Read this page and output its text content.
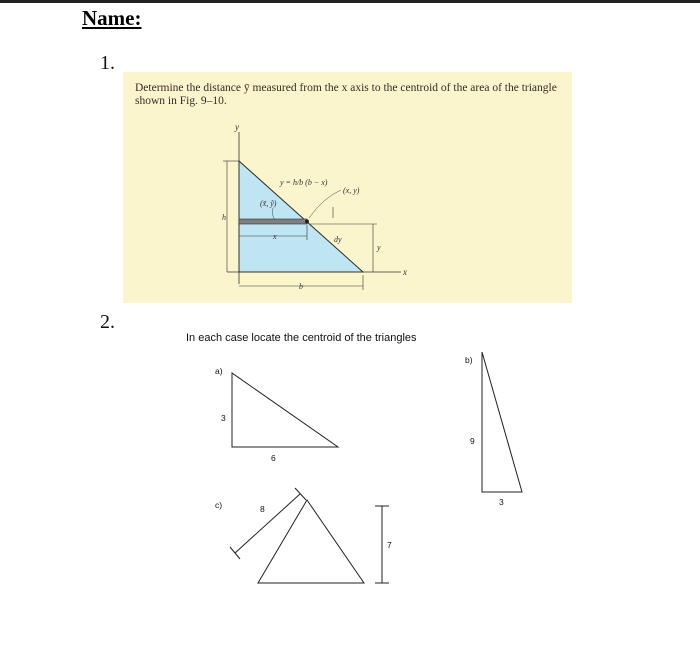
Name:
1.
Determine the distance ȳ measured from the x axis to the centroid of the area of the triangle shown in Fig. 9–10.
y
x
h
b
x
y
dy
y = h/b (b − x)
(x, y)
(x̃, ỹ)
2.
In each case locate the centroid of the triangles
a)
3
6
b)
9
3
c)	8
7
